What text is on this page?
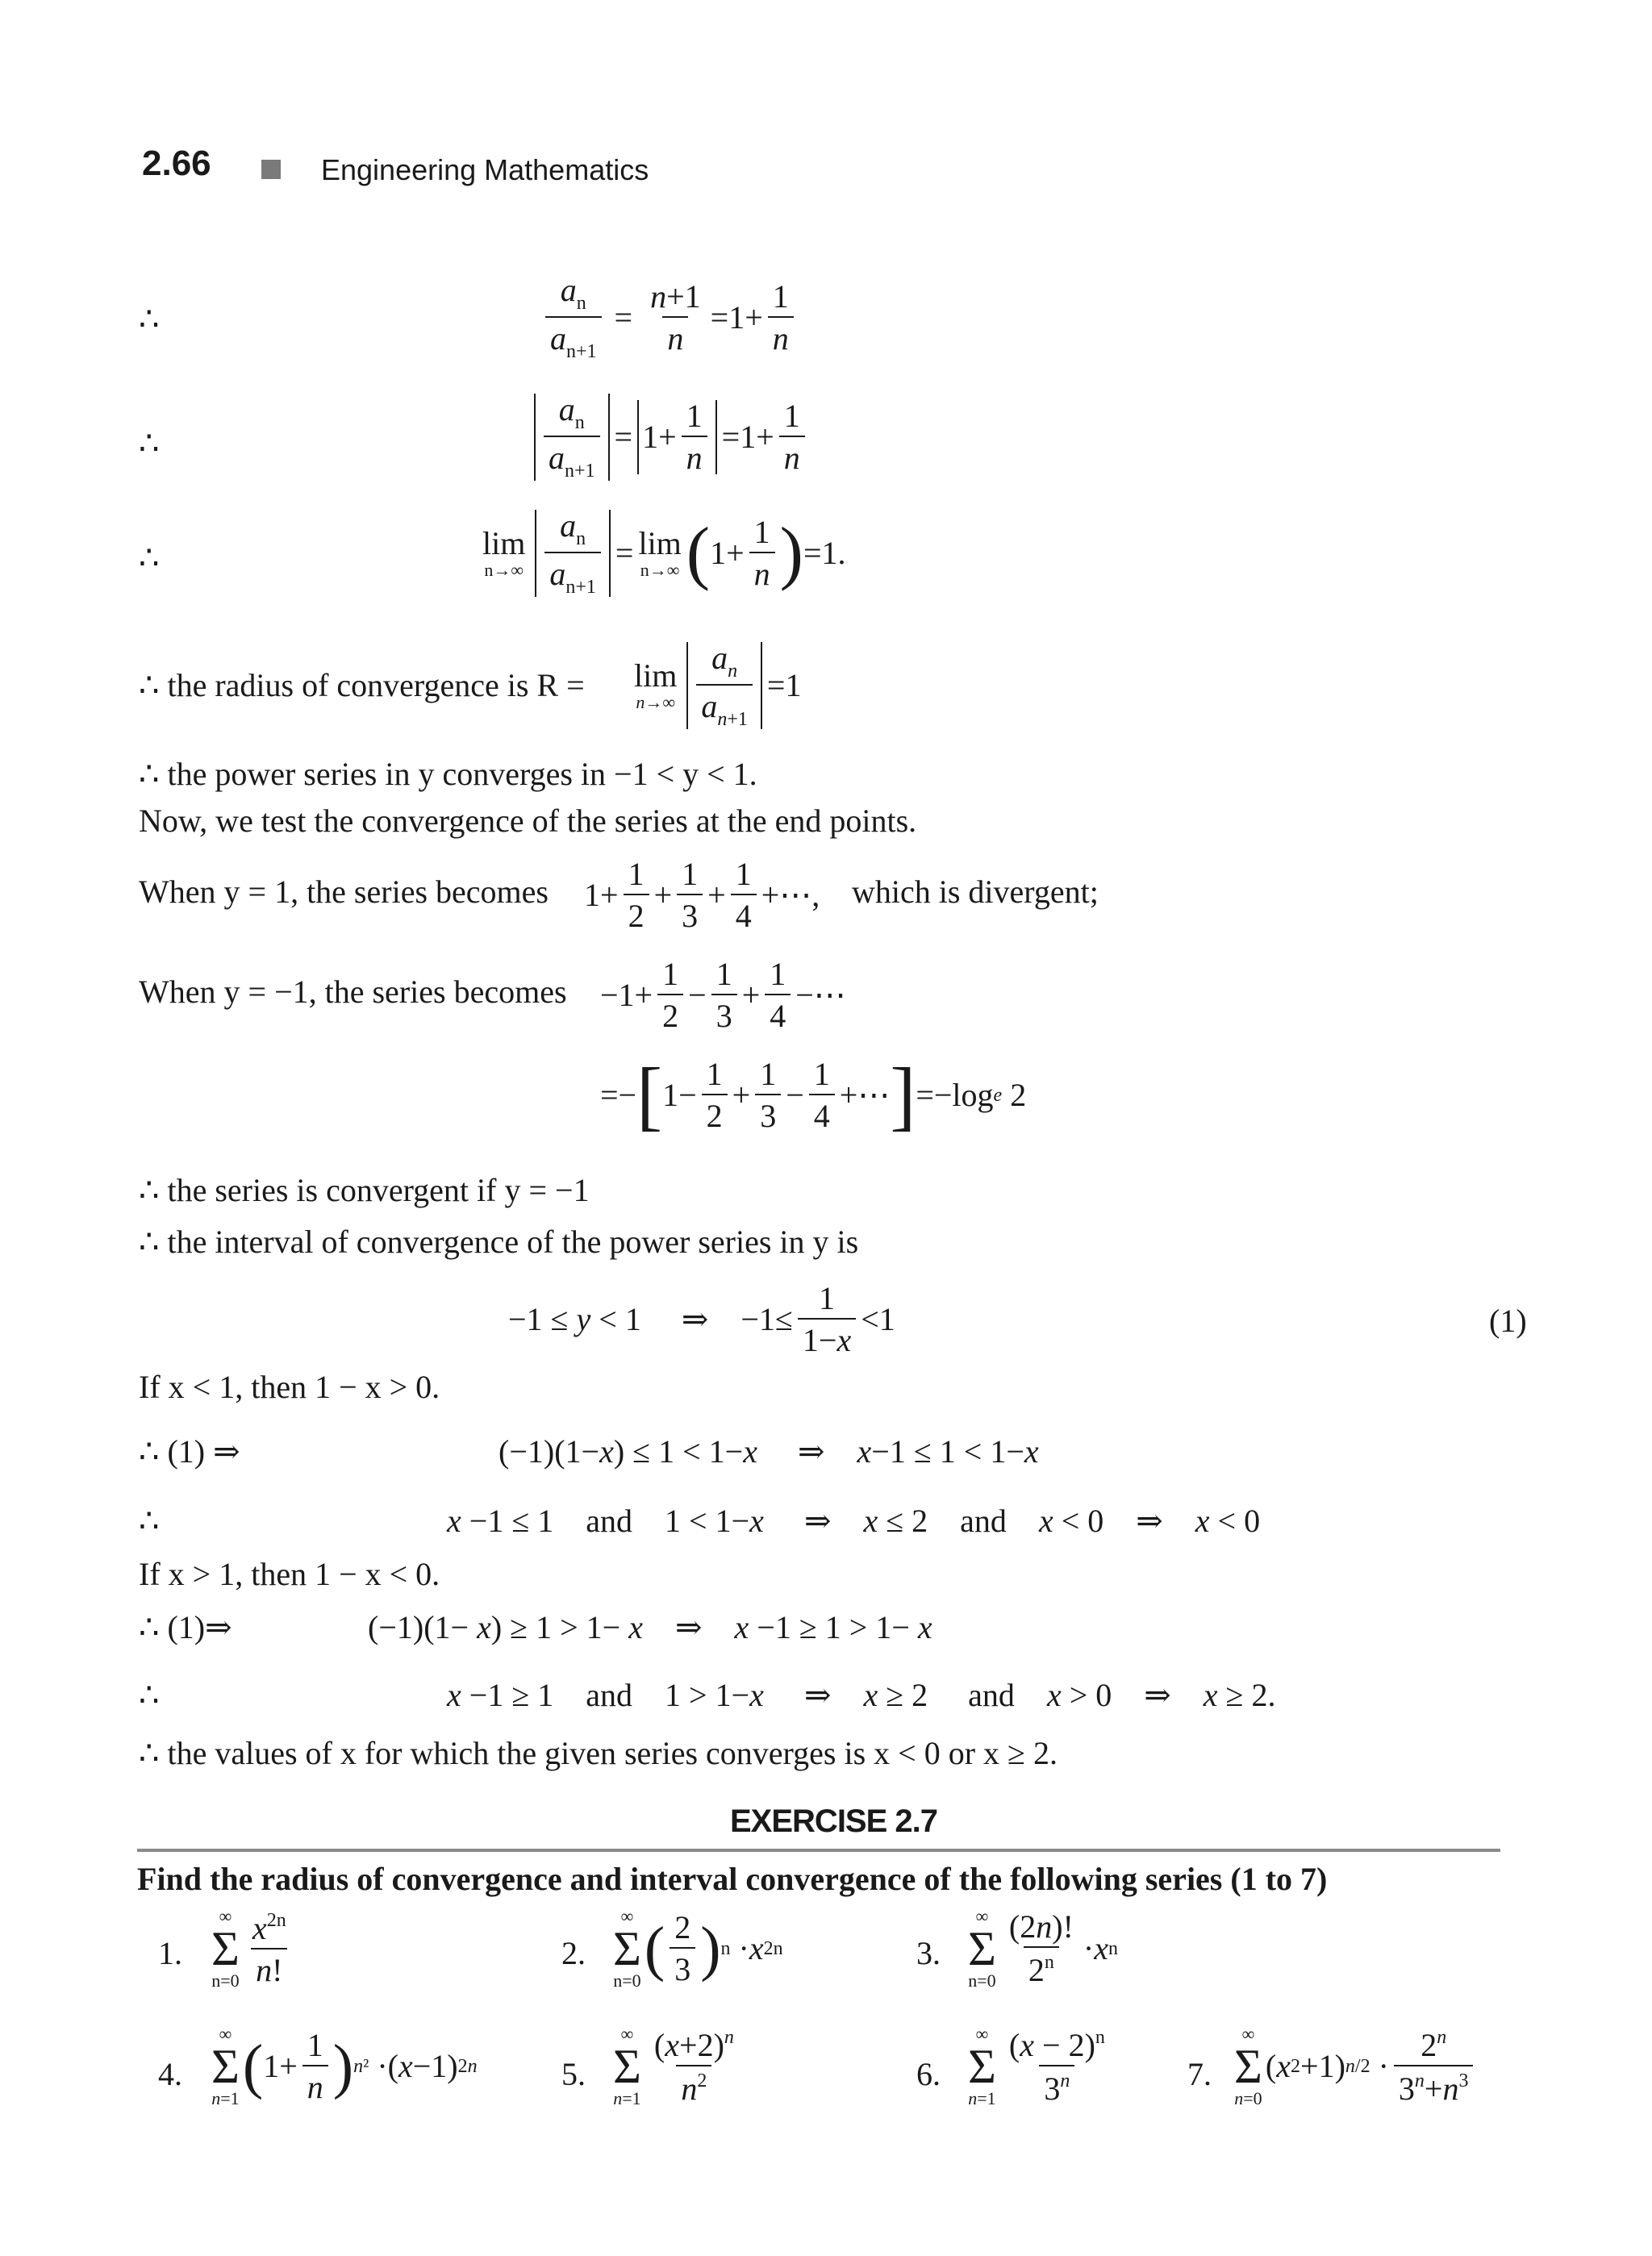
2.66	Engineering Mathematics
∴	$\frac{a_n}{a_{n+1}} = \frac{n+1}{n} =1+ \frac{1}{n}$
∴	$\frac{a_n}{a_{n+1}} = 1+ \frac{1}{n} =1+ \frac{1}{n}$
∴	lim
$n\to\infty \frac{a_n}{a_{n+1}} = \lim$
n→∞ ( $1+ \frac{1}{n}$ ) =1.
∴ the radius of convergence is R = lim
$n\to\infty \frac{a_n}{a_{n+1}} =1$
∴ the power series in y converges in −1 < y < 1.
Now, we test the convergence of the series at the end points.
When y = 1, the series becomes $1+ \frac{1}{2} + \frac{1}{3} + \frac{1}{4}$ +⋯, which is divergent;
When y = −1, the series becomes $-1+ \frac{1}{2} - \frac{1}{3} + \frac{1}{4}$ −⋯
=− [ $1- \frac{1}{2} + \frac{1}{3} - \frac{1}{4}$ +⋯ ] =−log e 2
∴ the series is convergent if y = −1
∴ the interval of convergence of the power series in y is
−1 ≤ y < 1     ⇒    $-1\le \frac{1}{1-x} <1$	(1)
If x < 1, then 1 − x > 0.
∴ (1) ⇒	(−1)(1−x) ≤ 1 < 1−x     ⇒    x−1 ≤ 1 < 1−x
∴	x −1 ≤ 1    and    1 < 1−x     ⇒    x ≤ 2    and x < 0    ⇒    x < 0
If x > 1, then 1 − x < 0.
∴ (1)⇒	(−1)(1− x) ≥ 1 > 1− x    ⇒    x −1 ≥ 1 > 1− x
∴	x −1 ≥ 1    and    1 > 1−x     ⇒    x ≥ 2     and x > 0    ⇒    x ≥ 2.
∴ the values of x for which the given series converges is x < 0 or x ≥ 2.
EXERCISE 2.7
Find the radius of convergence and interval convergence of the following series (1 to 7)
1.
∞
Σ
$n=0 \frac{x^{2n}}{n!}$	2.
∞
Σ
n=0 ( $\frac{2}{3}$ ) n · x 2n	3.
∞
Σ
$n=0 \frac{(2n)!}{2^n} \cdot x$ n
4.
∞
Σ
n=1 ( $1+ \frac{1}{n}$ ) n² ·( x −1) 2n	5.
∞
Σ
$n=1 \frac{(x+2)^n}{n^2}$	6.
∞
Σ
$n=1 \frac{(x - 2)^n}{3^n} 7$.
∞
Σ
n=0
( x 2 +1) $n/2 \cdot \frac{2^n}{3^n+n^3}$
